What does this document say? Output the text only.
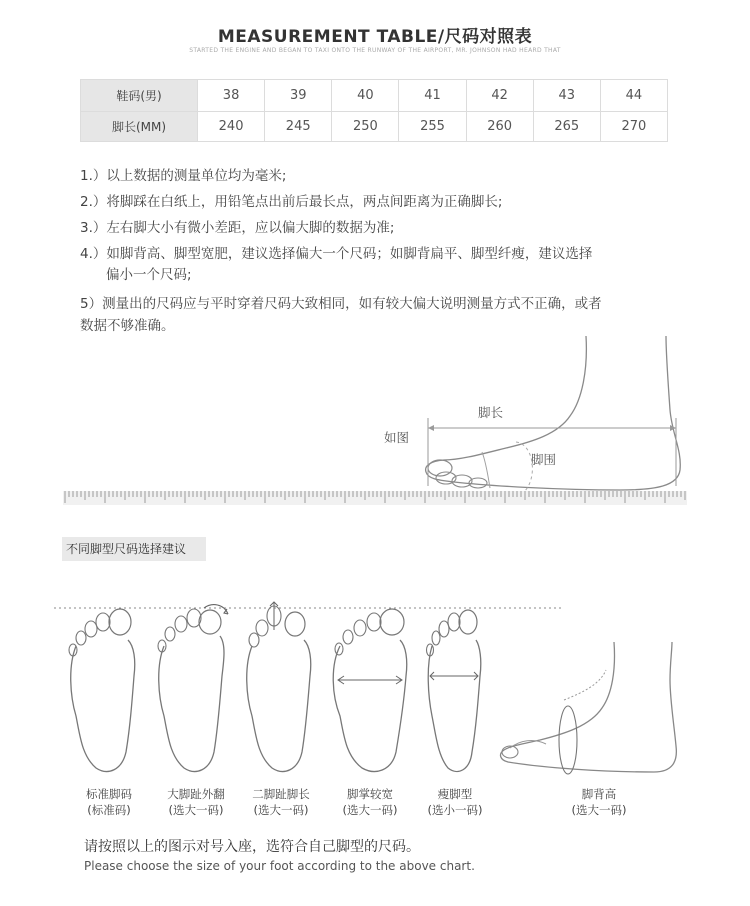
MEASUREMENT TABLE/尺码对照表
STARTED THE ENGINE AND BEGAN TO TAXI ONTO THE RUNWAY OF THE AIRPORT, MR. JOHNSON HAD HEARD THAT
鞋码(男)	38	39	40	41	42	43	44
脚长(MM)	240	245	250	255	260	265	270
1.）以上数据的测量单位均为毫米;
2.）将脚踩在白纸上，用铅笔点出前后最长点，两点间距离为正确脚长;
3.）左右脚大小有微小差距，应以偏大脚的数据为准;
4.）如脚背高、脚型宽肥，建议选择偏大一个尺码；如脚背扁平、脚型纤瘦，建议选择
偏小一个尺码;
5）测量出的尺码应与平时穿着尺码大致相同，如有较大偏大说明测量方式不正确，或者
数据不够准确。
如图
脚长
脚围
不同脚型尺码选择建议
标准脚码
(标准码)
大脚趾外翻
(选大一码)
二脚趾脚长
(选大一码)
脚掌较宽
(选大一码)
瘦脚型
(选小一码)
脚背高
(选大一码)
请按照以上的图示对号入座，选符合自己脚型的尺码。
Please choose the size of your foot according to the above chart.
